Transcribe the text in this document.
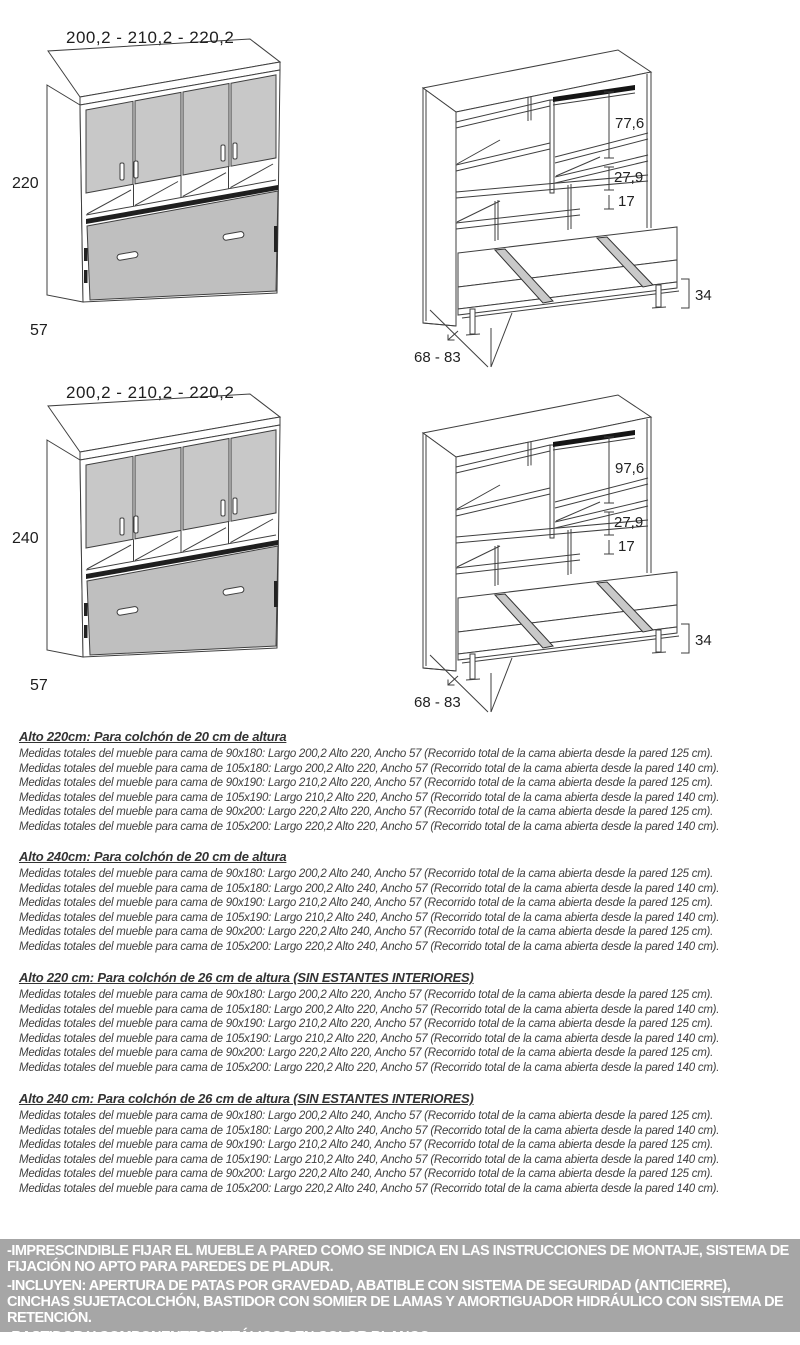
200,2 - 210,2 - 220,2
220
57
77,6
27,9
17
34
68 - 83
200,2 - 210,2 - 220,2
240
57
97,6
27,9
17
34
68 - 83
Alto 220cm: Para colchón de 20 cm de altura
Medidas totales del mueble para cama de 90x180: Largo 200,2 Alto 220, Ancho 57 (Recorrido total de la cama abierta desde la pared 125 cm).
Medidas totales del mueble para cama de 105x180: Largo 200,2 Alto 220, Ancho 57 (Recorrido total de la cama abierta desde la pared 140 cm).
Medidas totales del mueble para cama de 90x190: Largo 210,2 Alto 220, Ancho 57 (Recorrido total de la cama abierta desde la pared 125 cm).
Medidas totales del mueble para cama de 105x190: Largo 210,2 Alto 220, Ancho 57 (Recorrido total de la cama abierta desde la pared 140 cm).
Medidas totales del mueble para cama de 90x200: Largo 220,2 Alto 220, Ancho 57 (Recorrido total de la cama abierta desde la pared 125 cm).
Medidas totales del mueble para cama de 105x200: Largo 220,2 Alto 220, Ancho 57 (Recorrido total de la cama abierta desde la pared 140 cm).
Alto 240cm: Para colchón de 20 cm de altura
Medidas totales del mueble para cama de 90x180: Largo 200,2 Alto 240, Ancho 57 (Recorrido total de la cama abierta desde la pared 125 cm).
Medidas totales del mueble para cama de 105x180: Largo 200,2 Alto 240, Ancho 57 (Recorrido total de la cama abierta desde la pared 140 cm).
Medidas totales del mueble para cama de 90x190: Largo 210,2 Alto 240, Ancho 57 (Recorrido total de la cama abierta desde la pared 125 cm).
Medidas totales del mueble para cama de 105x190: Largo 210,2 Alto 240, Ancho 57 (Recorrido total de la cama abierta desde la pared 140 cm).
Medidas totales del mueble para cama de 90x200: Largo 220,2 Alto 240, Ancho 57 (Recorrido total de la cama abierta desde la pared 125 cm).
Medidas totales del mueble para cama de 105x200: Largo 220,2 Alto 240, Ancho 57 (Recorrido total de la cama abierta desde la pared 140 cm).
Alto 220 cm: Para colchón de 26 cm de altura (SIN ESTANTES INTERIORES)
Medidas totales del mueble para cama de 90x180: Largo 200,2 Alto 220, Ancho 57 (Recorrido total de la cama abierta desde la pared 125 cm).
Medidas totales del mueble para cama de 105x180: Largo 200,2 Alto 220, Ancho 57 (Recorrido total de la cama abierta desde la pared 140 cm).
Medidas totales del mueble para cama de 90x190: Largo 210,2 Alto 220, Ancho 57 (Recorrido total de la cama abierta desde la pared 125 cm).
Medidas totales del mueble para cama de 105x190: Largo 210,2 Alto 220, Ancho 57 (Recorrido total de la cama abierta desde la pared 140 cm).
Medidas totales del mueble para cama de 90x200: Largo 220,2 Alto 220, Ancho 57 (Recorrido total de la cama abierta desde la pared 125 cm).
Medidas totales del mueble para cama de 105x200: Largo 220,2 Alto 220, Ancho 57 (Recorrido total de la cama abierta desde la pared 140 cm).
Alto 240 cm: Para colchón de 26 cm de altura (SIN ESTANTES INTERIORES)
Medidas totales del mueble para cama de 90x180: Largo 200,2 Alto 240, Ancho 57 (Recorrido total de la cama abierta desde la pared 125 cm).
Medidas totales del mueble para cama de 105x180: Largo 200,2 Alto 240, Ancho 57 (Recorrido total de la cama abierta desde la pared 140 cm).
Medidas totales del mueble para cama de 90x190: Largo 210,2 Alto 240, Ancho 57 (Recorrido total de la cama abierta desde la pared 125 cm).
Medidas totales del mueble para cama de 105x190: Largo 210,2 Alto 240, Ancho 57 (Recorrido total de la cama abierta desde la pared 140 cm).
Medidas totales del mueble para cama de 90x200: Largo 220,2 Alto 240, Ancho 57 (Recorrido total de la cama abierta desde la pared 125 cm).
Medidas totales del mueble para cama de 105x200: Largo 220,2 Alto 240, Ancho 57 (Recorrido total de la cama abierta desde la pared 140 cm).
-IMPRESCINDIBLE FIJAR EL MUEBLE A PARED COMO SE INDICA EN LAS INSTRUCCIONES DE MONTAJE, SISTEMA DE FIJACIÓN NO APTO PARA PAREDES DE PLADUR.
-INCLUYEN: APERTURA DE PATAS POR GRAVEDAD, ABATIBLE CON SISTEMA DE SEGURIDAD (ANTICIERRE), CINCHAS SUJETACOLCHÓN, BASTIDOR CON SOMIER DE LAMAS Y AMORTIGUADOR HIDRÁULICO CON SISTEMA DE RETENCIÓN.
-BASTIDOR Y COMPONENTES METÁLICOS EN COLOR BLANCO.
